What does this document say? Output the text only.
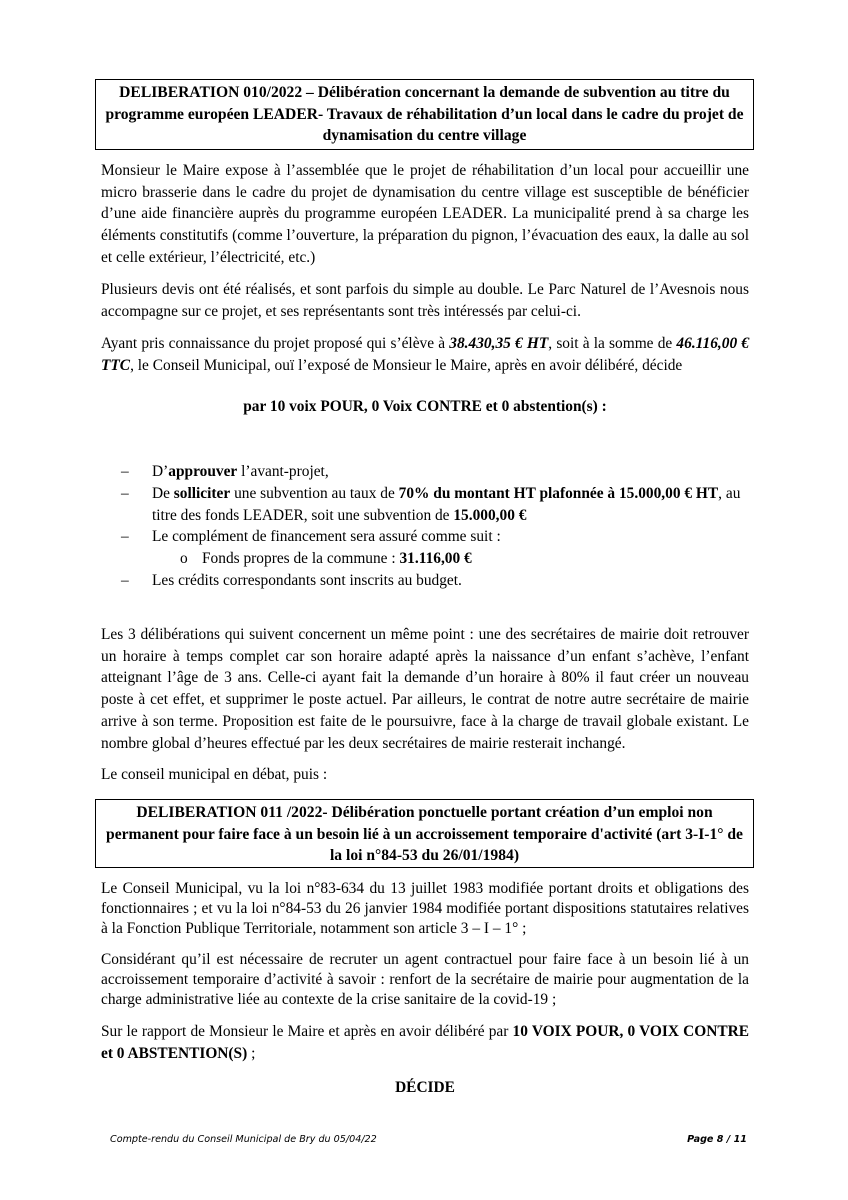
DELIBERATION 010/2022 – Délibération concernant la demande de subvention au titre du programme européen LEADER- Travaux de réhabilitation d’un local dans le cadre du projet de dynamisation du centre village
Monsieur le Maire expose à l’assemblée que le projet de réhabilitation d’un local pour accueillir une micro brasserie dans le cadre du projet de dynamisation du centre village est susceptible de bénéficier d’une aide financière auprès du programme européen LEADER. La municipalité prend à sa charge les éléments constitutifs (comme l’ouverture, la préparation du pignon, l’évacuation des eaux, la dalle au sol et celle extérieur, l’électricité, etc.)
Plusieurs devis ont été réalisés, et sont parfois du simple au double. Le Parc Naturel de l’Avesnois nous accompagne sur ce projet, et ses représentants sont très intéressés par celui-ci.
Ayant pris connaissance du projet proposé qui s’élève à 38.430,35 € HT, soit à la somme de 46.116,00 € TTC, le Conseil Municipal, ouï l’exposé de Monsieur le Maire, après en avoir délibéré, décide
par 10 voix POUR, 0 Voix CONTRE et 0 abstention(s) :
– D’approuver l’avant-projet,
– De solliciter une subvention au taux de 70% du montant HT plafonnée à 15.000,00 € HT, au titre des fonds LEADER, soit une subvention de 15.000,00 €
– Le complément de financement sera assuré comme suit :
o Fonds propres de la commune : 31.116,00 €
– Les crédits correspondants sont inscrits au budget.
Les 3 délibérations qui suivent concernent un même point : une des secrétaires de mairie doit retrouver un horaire à temps complet car son horaire adapté après la naissance d’un enfant s’achève, l’enfant atteignant l’âge de 3 ans. Celle-ci ayant fait la demande d’un horaire à 80% il faut créer un nouveau poste à cet effet, et supprimer le poste actuel. Par ailleurs, le contrat de notre autre secrétaire de mairie arrive à son terme. Proposition est faite de le poursuivre, face à la charge de travail globale existant. Le nombre global d’heures effectué par les deux secrétaires de mairie resterait inchangé.
Le conseil municipal en débat, puis :
DELIBERATION 011 /2022- Délibération ponctuelle portant création d’un emploi non permanent pour faire face à un besoin lié à un accroissement temporaire d'activité (art 3-I-1° de la loi n°84-53 du 26/01/1984)
Le Conseil Municipal, vu la loi n°83-634 du 13 juillet 1983 modifiée portant droits et obligations des fonctionnaires ; et vu la loi n°84-53 du 26 janvier 1984 modifiée portant dispositions statutaires relatives à la Fonction Publique Territoriale, notamment son article 3 – I – 1° ;
Considérant qu’il est nécessaire de recruter un agent contractuel pour faire face à un besoin lié à un accroissement temporaire d’activité à savoir : renfort de la secrétaire de mairie pour augmentation de la charge administrative liée au contexte de la crise sanitaire de la covid-19 ;
Sur le rapport de Monsieur le Maire et après en avoir délibéré par 10 VOIX POUR, 0 VOIX CONTRE et 0 ABSTENTION(S) ;
DÉCIDE
Compte-rendu du Conseil Municipal de Bry du 05/04/22	Page 8 / 11
